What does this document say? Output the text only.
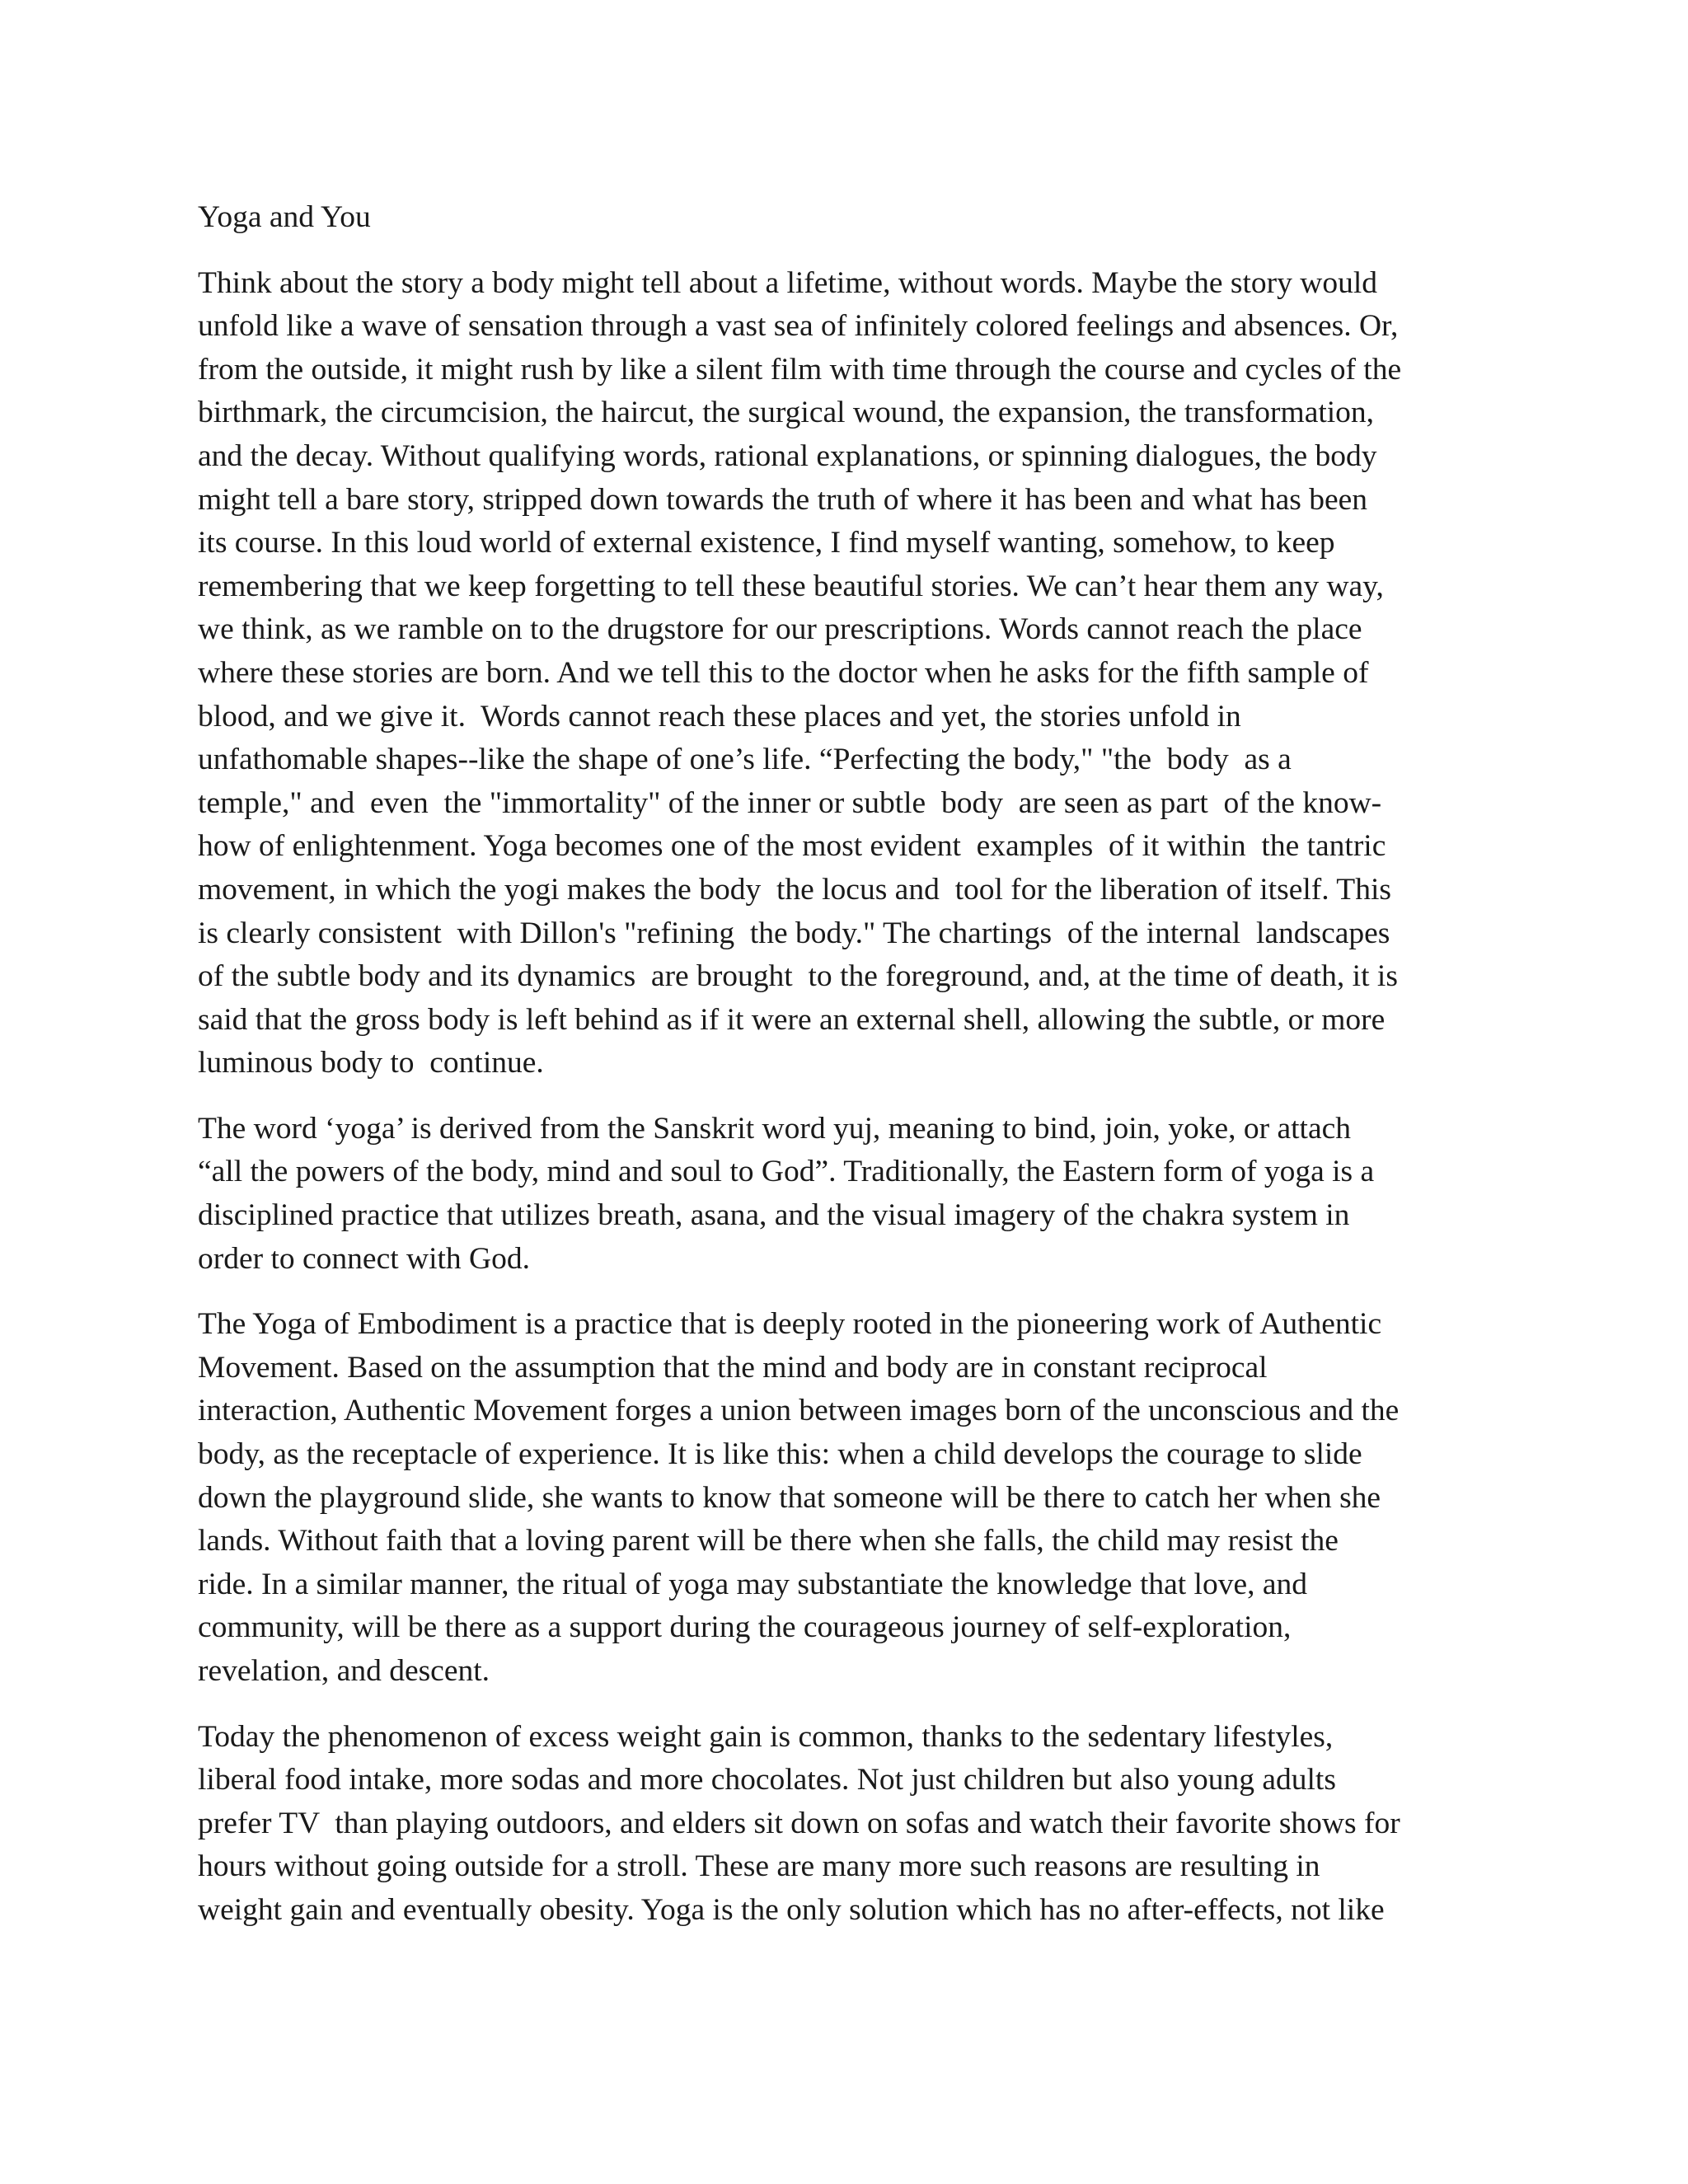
Yoga and You
Think about the story a body might tell about a lifetime, without words. Maybe the story would
unfold like a wave of sensation through a vast sea of infinitely colored feelings and absences. Or,
from the outside, it might rush by like a silent film with time through the course and cycles of the
birthmark, the circumcision, the haircut, the surgical wound, the expansion, the transformation,
and the decay. Without qualifying words, rational explanations, or spinning dialogues, the body
might tell a bare story, stripped down towards the truth of where it has been and what has been
its course. In this loud world of external existence, I find myself wanting, somehow, to keep
remembering that we keep forgetting to tell these beautiful stories. We can’t hear them any way,
we think, as we ramble on to the drugstore for our prescriptions. Words cannot reach the place
where these stories are born. And we tell this to the doctor when he asks for the fifth sample of
blood, and we give it.  Words cannot reach these places and yet, the stories unfold in
unfathomable shapes--like the shape of one’s life. “Perfecting the body," "the  body  as a
temple," and  even  the "immortality" of the inner or subtle  body  are seen as part  of the know-
how of enlightenment. Yoga becomes one of the most evident  examples  of it within  the tantric
movement, in which the yogi makes the body  the locus and  tool for the liberation of itself. This
is clearly consistent  with Dillon's "refining  the body." The chartings  of the internal  landscapes
of the subtle body and its dynamics  are brought  to the foreground, and, at the time of death, it is
said that the gross body is left behind as if it were an external shell, allowing the subtle, or more
luminous body to  continue.
The word ‘yoga’ is derived from the Sanskrit word yuj, meaning to bind, join, yoke, or attach
“all the powers of the body, mind and soul to God”. Traditionally, the Eastern form of yoga is a
disciplined practice that utilizes breath, asana, and the visual imagery of the chakra system in
order to connect with God.
The Yoga of Embodiment is a practice that is deeply rooted in the pioneering work of Authentic
Movement. Based on the assumption that the mind and body are in constant reciprocal
interaction, Authentic Movement forges a union between images born of the unconscious and the
body, as the receptacle of experience. It is like this: when a child develops the courage to slide
down the playground slide, she wants to know that someone will be there to catch her when she
lands. Without faith that a loving parent will be there when she falls, the child may resist the
ride. In a similar manner, the ritual of yoga may substantiate the knowledge that love, and
community, will be there as a support during the courageous journey of self-exploration,
revelation, and descent.
Today the phenomenon of excess weight gain is common, thanks to the sedentary lifestyles,
liberal food intake, more sodas and more chocolates. Not just children but also young adults
prefer TV  than playing outdoors, and elders sit down on sofas and watch their favorite shows for
hours without going outside for a stroll. These are many more such reasons are resulting in
weight gain and eventually obesity. Yoga is the only solution which has no after-effects, not like
